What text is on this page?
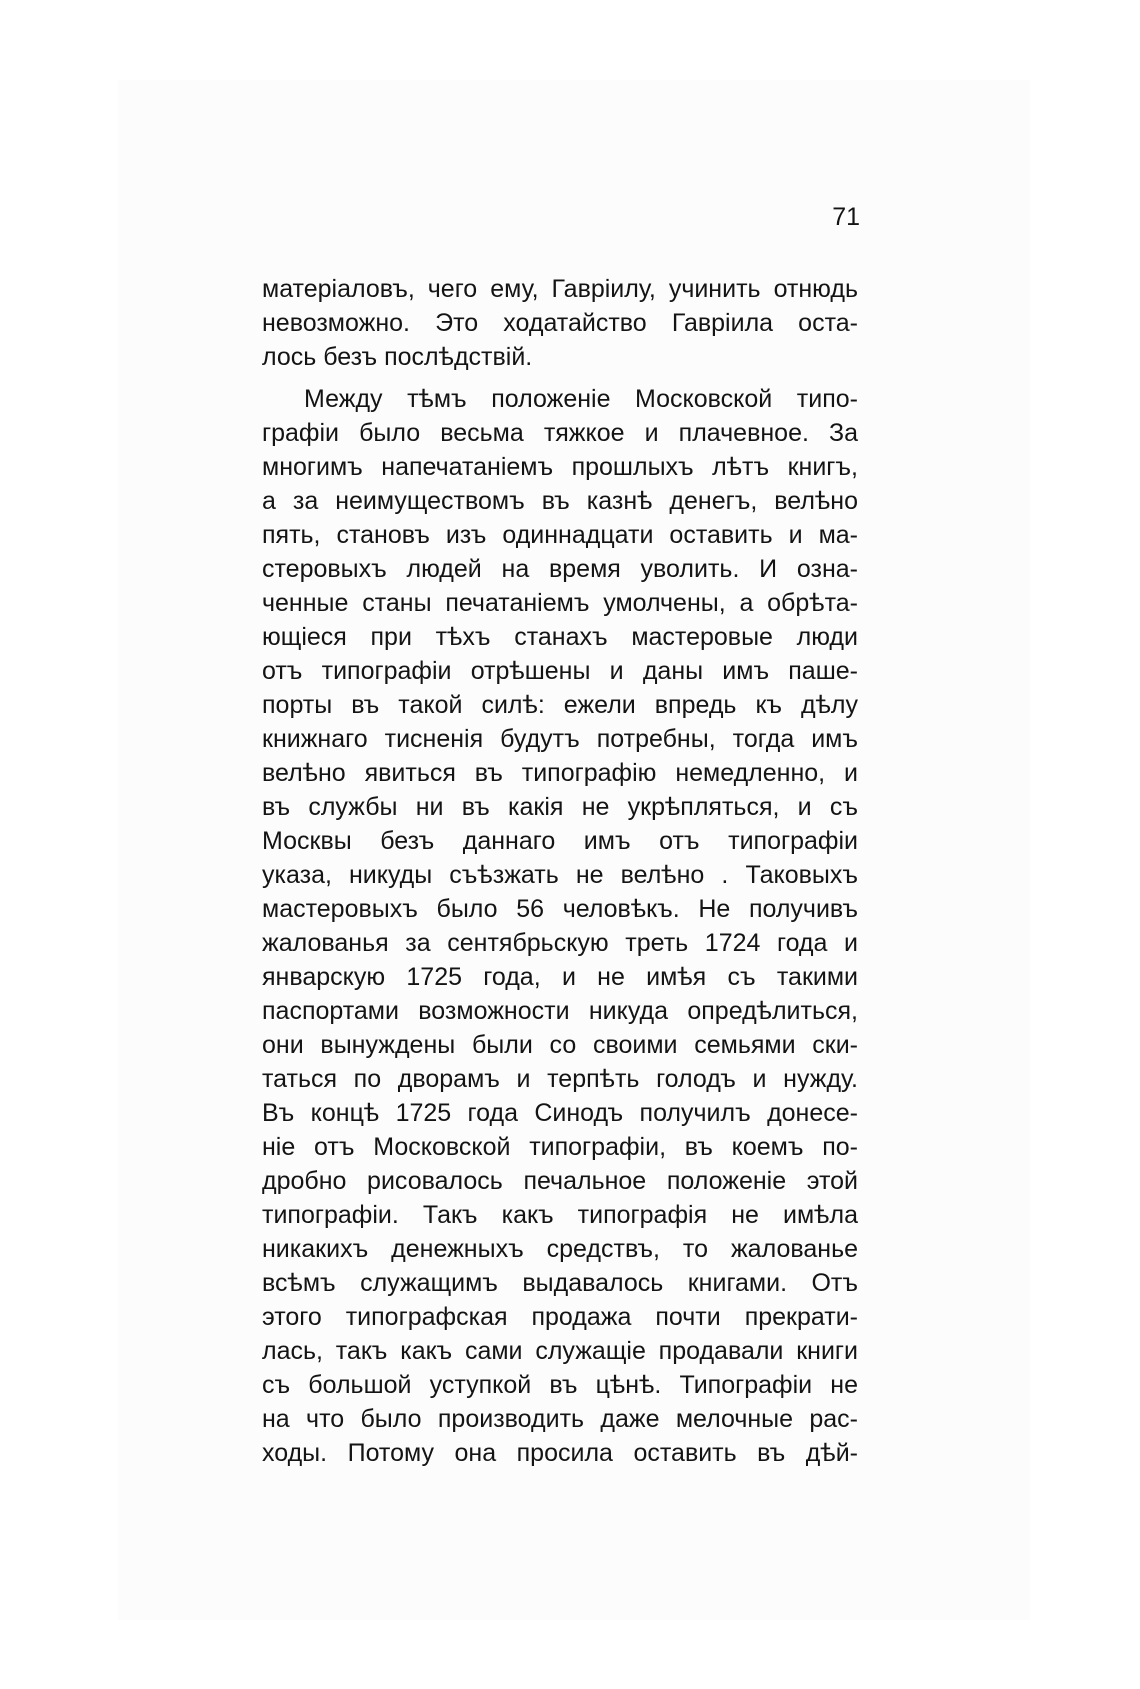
71
матеріаловъ, чего ему, Гавріилу, учинить отнюдь
невозможно. Это ходатайство Гавріила оста-
лось безъ послѣдствій.
Между тѣмъ положеніе Московской типо-
графіи было весьма тяжкое и плачевное. За
многимъ напечатаніемъ прошлыхъ лѣтъ книгъ,
а за неимуществомъ въ казнѣ денегъ, велѣно
пять, становъ изъ одиннадцати оставить и ма-
стеровыхъ людей на время уволить. И озна-
ченные станы печатаніемъ умолчены, а обрѣта-
ющіеся при тѣхъ станахъ мастеровые люди
отъ типографіи отрѣшены и даны имъ паше-
порты въ такой силѣ: ежели впредь къ дѣлу
книжнаго тисненія будутъ потребны, тогда имъ
велѣно явиться въ типографію немедленно, и
въ службы ни въ какія не укрѣпляться, и съ
Москвы безъ даннаго имъ отъ типографіи
указа, никуды съѣзжать не велѣно . Таковыхъ
мастеровыхъ было 56 человѣкъ. Не получивъ
жалованья за сентябрьскую треть 1724 года и
январскую 1725 года, и не имѣя съ такими
паспортами возможности никуда опредѣлиться,
они вынуждены были со своими семьями ски-
таться по дворамъ и терпѣть голодъ и нужду.
Въ концѣ 1725 года Синодъ получилъ донесе-
ніе отъ Московской типографіи, въ коемъ по-
дробно рисовалось печальное положеніе этой
типографіи. Такъ какъ типографія не имѣла
никакихъ денежныхъ средствъ, то жалованье
всѣмъ служащимъ выдавалось книгами. Отъ
этого типографская продажа почти прекрати-
лась, такъ какъ сами служащіе продавали книги
съ большой уступкой въ цѣнѣ. Типографіи не
на что было производить даже мелочные рас-
ходы. Потому она просила оставить въ дѣй-
